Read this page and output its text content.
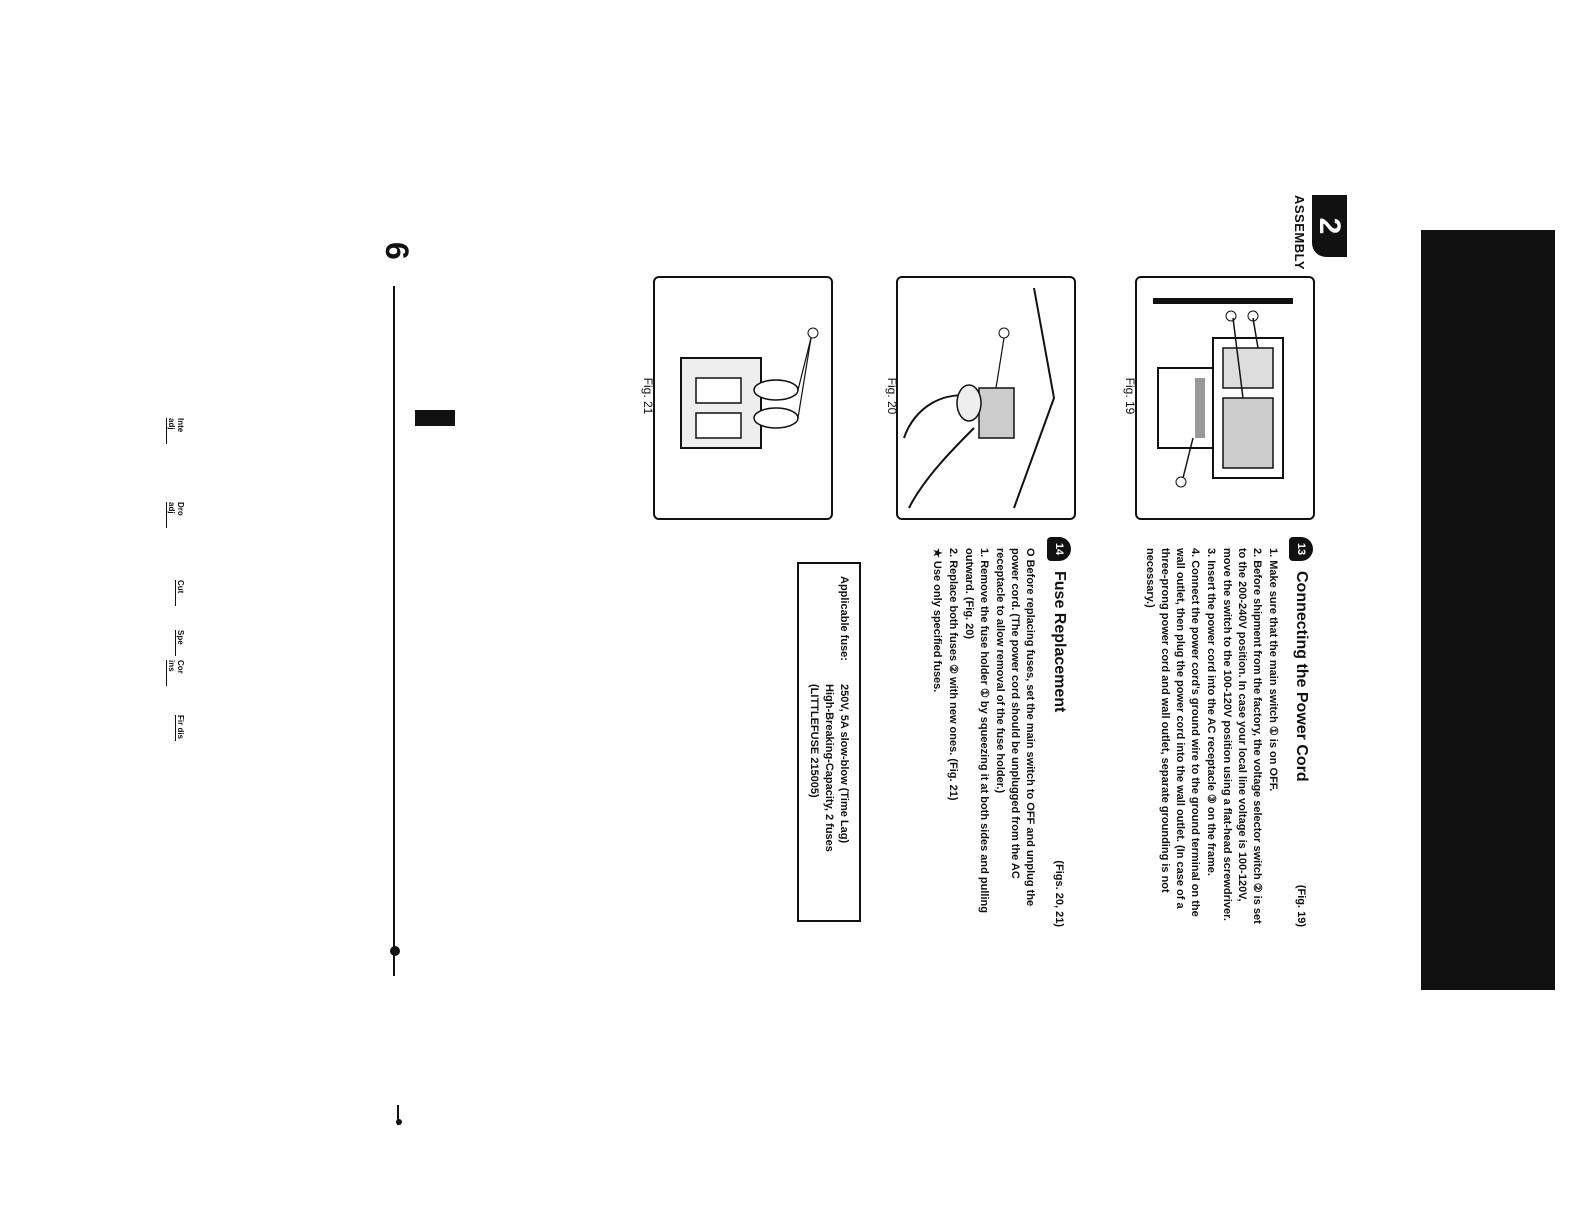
2
ASSEMBLY
Fig. 19
Fig. 20
Fig. 21
13
Connecting the Power Cord
(Fig. 19)

1. Make sure that the main switch ① is on OFF.

2. Before shipment from the factory, the voltage selector switch ② is set to the 200-240V position. In case your local line voltage is 100-120V, move the switch to the 100-120V position using a flat-head screwdriver.

3. Insert the power cord into the AC receptacle ③ on the frame.

4. Connect the power cord's ground wire to the ground terminal on the wall outlet, then plug the power cord into the wall outlet. (In case of a three-prong power cord and wall outlet, separate grounding is not necessary.)

14
Fuse Replacement
(Figs. 20, 21)

O Before replacing fuses, set the main switch to OFF and unplug the power cord. (The power cord should be unplugged from the AC receptacle to allow removal of the fuse holder.)

1. Remove the fuse holder ① by squeezing it at both sides and pulling outward. (Fig. 20)

2. Replace both fuses ② with new ones. (Fig. 21)

★ Use only specified fuses.

Applicable fuse:
250V, 5A slow-blow (Time Lag)
High-Breaking-Capacity, 2 fuses
(LITTLEFUSE 215005)
6
Inte adj
Dro adj
Cut
Spe
Cor ins
Fir dis
